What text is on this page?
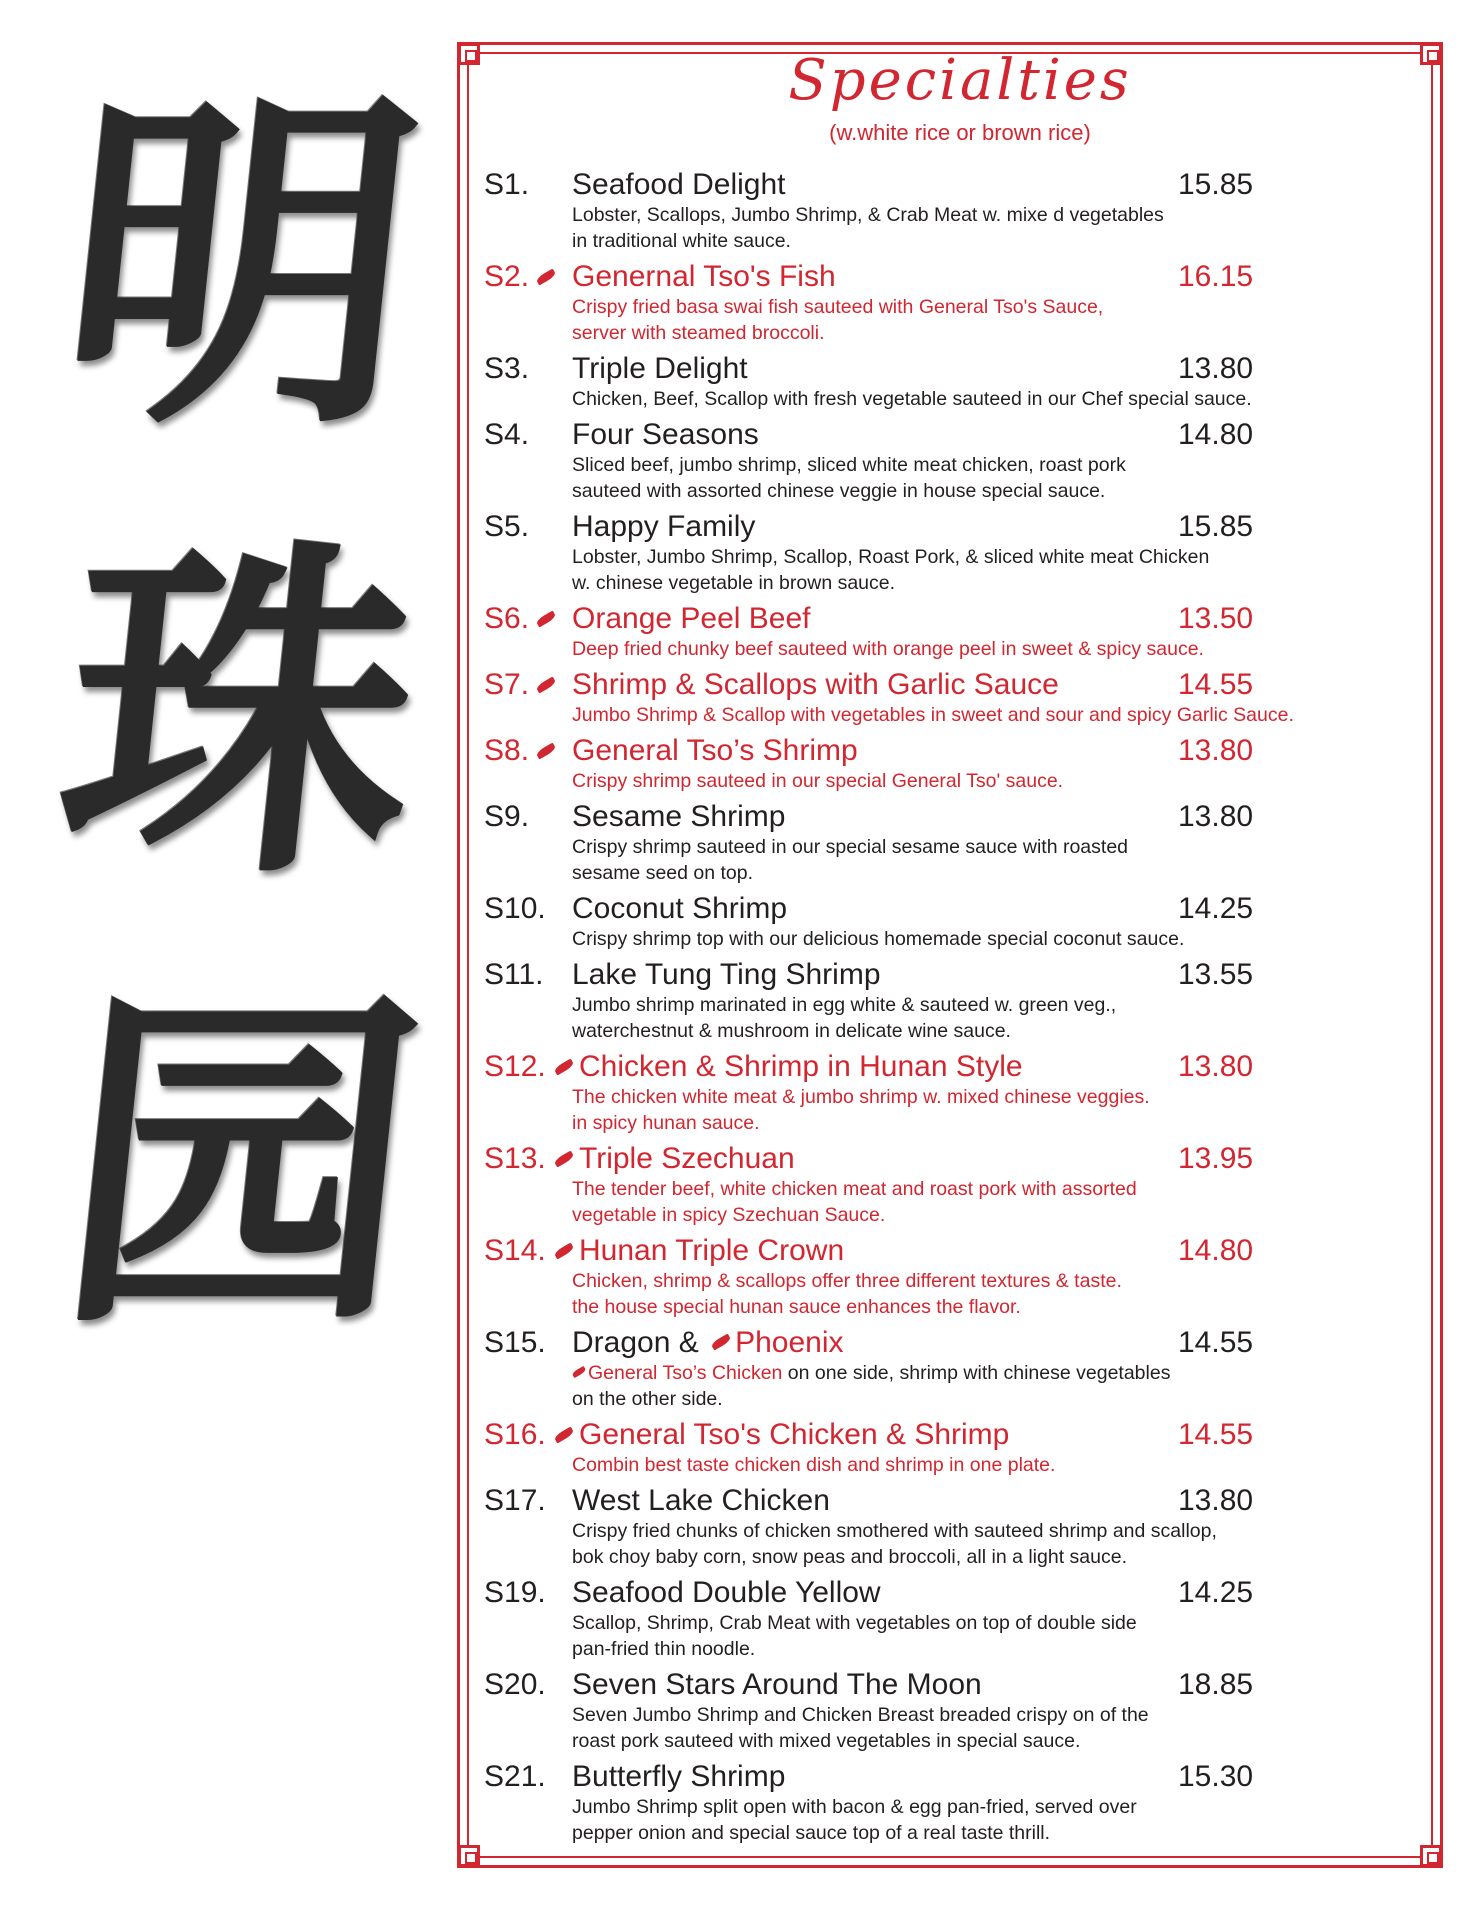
明
珠
园
Specialties
(w.white rice or brown rice)
S1. Seafood Delight	15.85
Lobster, Scallops, Jumbo Shrimp, & Crab Meat w. mixe d vegetables
in traditional white sauce.
S2. Genernal Tso's Fish	16.15
Crispy fried basa swai fish sauteed with General Tso's Sauce,
server with steamed broccoli.
S3. Triple Delight	13.80
Chicken, Beef, Scallop with fresh vegetable sauteed in our Chef special sauce.
S4. Four Seasons	14.80
Sliced beef, jumbo shrimp, sliced white meat chicken, roast pork
sauteed with assorted chinese veggie in house special sauce.
S5. Happy Family	15.85
Lobster, Jumbo Shrimp, Scallop, Roast Pork, & sliced white meat Chicken
w. chinese vegetable in brown sauce.
S6. Orange Peel Beef	13.50
Deep fried chunky beef sauteed with orange peel in sweet & spicy sauce.
S7. Shrimp & Scallops with Garlic Sauce	14.55
Jumbo Shrimp & Scallop with vegetables in sweet and sour and spicy Garlic Sauce.
S8. General Tso’s Shrimp	13.80
Crispy shrimp sauteed in our special General Tso' sauce.
S9. Sesame Shrimp	13.80
Crispy shrimp sauteed in our special sesame sauce with roasted
sesame seed on top.
S10. Coconut Shrimp	14.25
Crispy shrimp top with our delicious homemade special coconut sauce.
S11. Lake Tung Ting Shrimp	13.55
Jumbo shrimp marinated in egg white & sauteed w. green veg.,
waterchestnut & mushroom in delicate wine sauce.
S12. Chicken & Shrimp in Hunan Style	13.80
The chicken white meat & jumbo shrimp w. mixed chinese veggies.
in spicy hunan sauce.
S13. Triple Szechuan	13.95
The tender beef, white chicken meat and roast pork with assorted
vegetable in spicy Szechuan Sauce.
S14. Hunan Triple Crown	14.80
Chicken, shrimp & scallops offer three different textures & taste.
the house special hunan sauce enhances the flavor.
S15. Dragon & Phoenix	14.55
General Tso’s Chicken on one side, shrimp with chinese vegetables
on the other side.
S16. General Tso's Chicken & Shrimp	14.55
Combin best taste chicken dish and shrimp in one plate.
S17. West Lake Chicken	13.80
Crispy fried chunks of chicken smothered with sauteed shrimp and scallop,
bok choy baby corn, snow peas and broccoli, all in a light sauce.
S19. Seafood Double Yellow	14.25
Scallop, Shrimp, Crab Meat with vegetables on top of double side
pan-fried thin noodle.
S20. Seven Stars Around The Moon	18.85
Seven Jumbo Shrimp and Chicken Breast breaded crispy on of the
roast pork sauteed with mixed vegetables in special sauce.
S21. Butterfly Shrimp	15.30
Jumbo Shrimp split open with bacon & egg pan-fried, served over
pepper onion and special sauce top of a real taste thrill.
